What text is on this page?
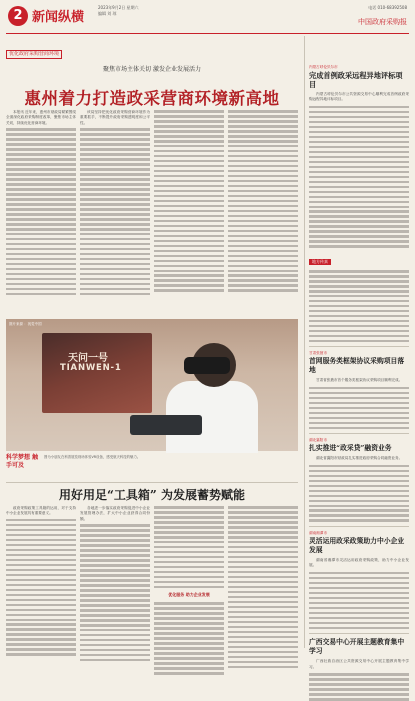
2 新闻纵横
2023年9月2日 星期六
编辑 刘 琼
电话 010-68392508
中国政府采购报
优化政府采购营商环境
聚焦市场主体关切 激发企业发展活力
惠州着力打造政采营商环境新高地

本报讯 近年来，惠州市财政局紧紧围绕全面深化政府采购制度改革，聚焦市场主体关切，持续优化营商环境。

该局坚持把优化政府采购营商环境作为重要抓手，不断提升政府采购透明度和公平性。

图片来源 ：视觉中国
天问一号
TIANWEN-1
科学梦想 触手可及
图为小朋友在科普展览现场体验VR设备，感受航天科技的魅力。
用好用足“工具箱” 为发展蓄势赋能

政府采购政策工具箱的运用，对于支持中小企业发展具有重要意义。

各地进一步落实政府采购促进中小企业发展管理办法，扩大中小企业获得合同份额。

优化服务 助力企业发展
内蒙古呼伦贝尔市
完成首例政采远程异地评标项目

内蒙古呼伦贝尔市公共资源交易中心顺利完成首例政府采购远程异地评标项目。

地方传真
甘肃张掖市
首网服务类框架协议采购项目落地

甘肃省张掖市首个服务类框架协议采购项目顺利完成。

湖北襄阳市
扎实推进“政采贷”融资业务

湖北省襄阳市财政局扎实推进政府采购合同融资业务。

湖南湘潭市
灵活运用政采政策助力中小企业发展

湖南省湘潭市灵活运用政府采购政策，助力中小企业发展。

广西交易中心开展主题教育集中学习

广西壮族自治区公共资源交易中心开展主题教育集中学习。
